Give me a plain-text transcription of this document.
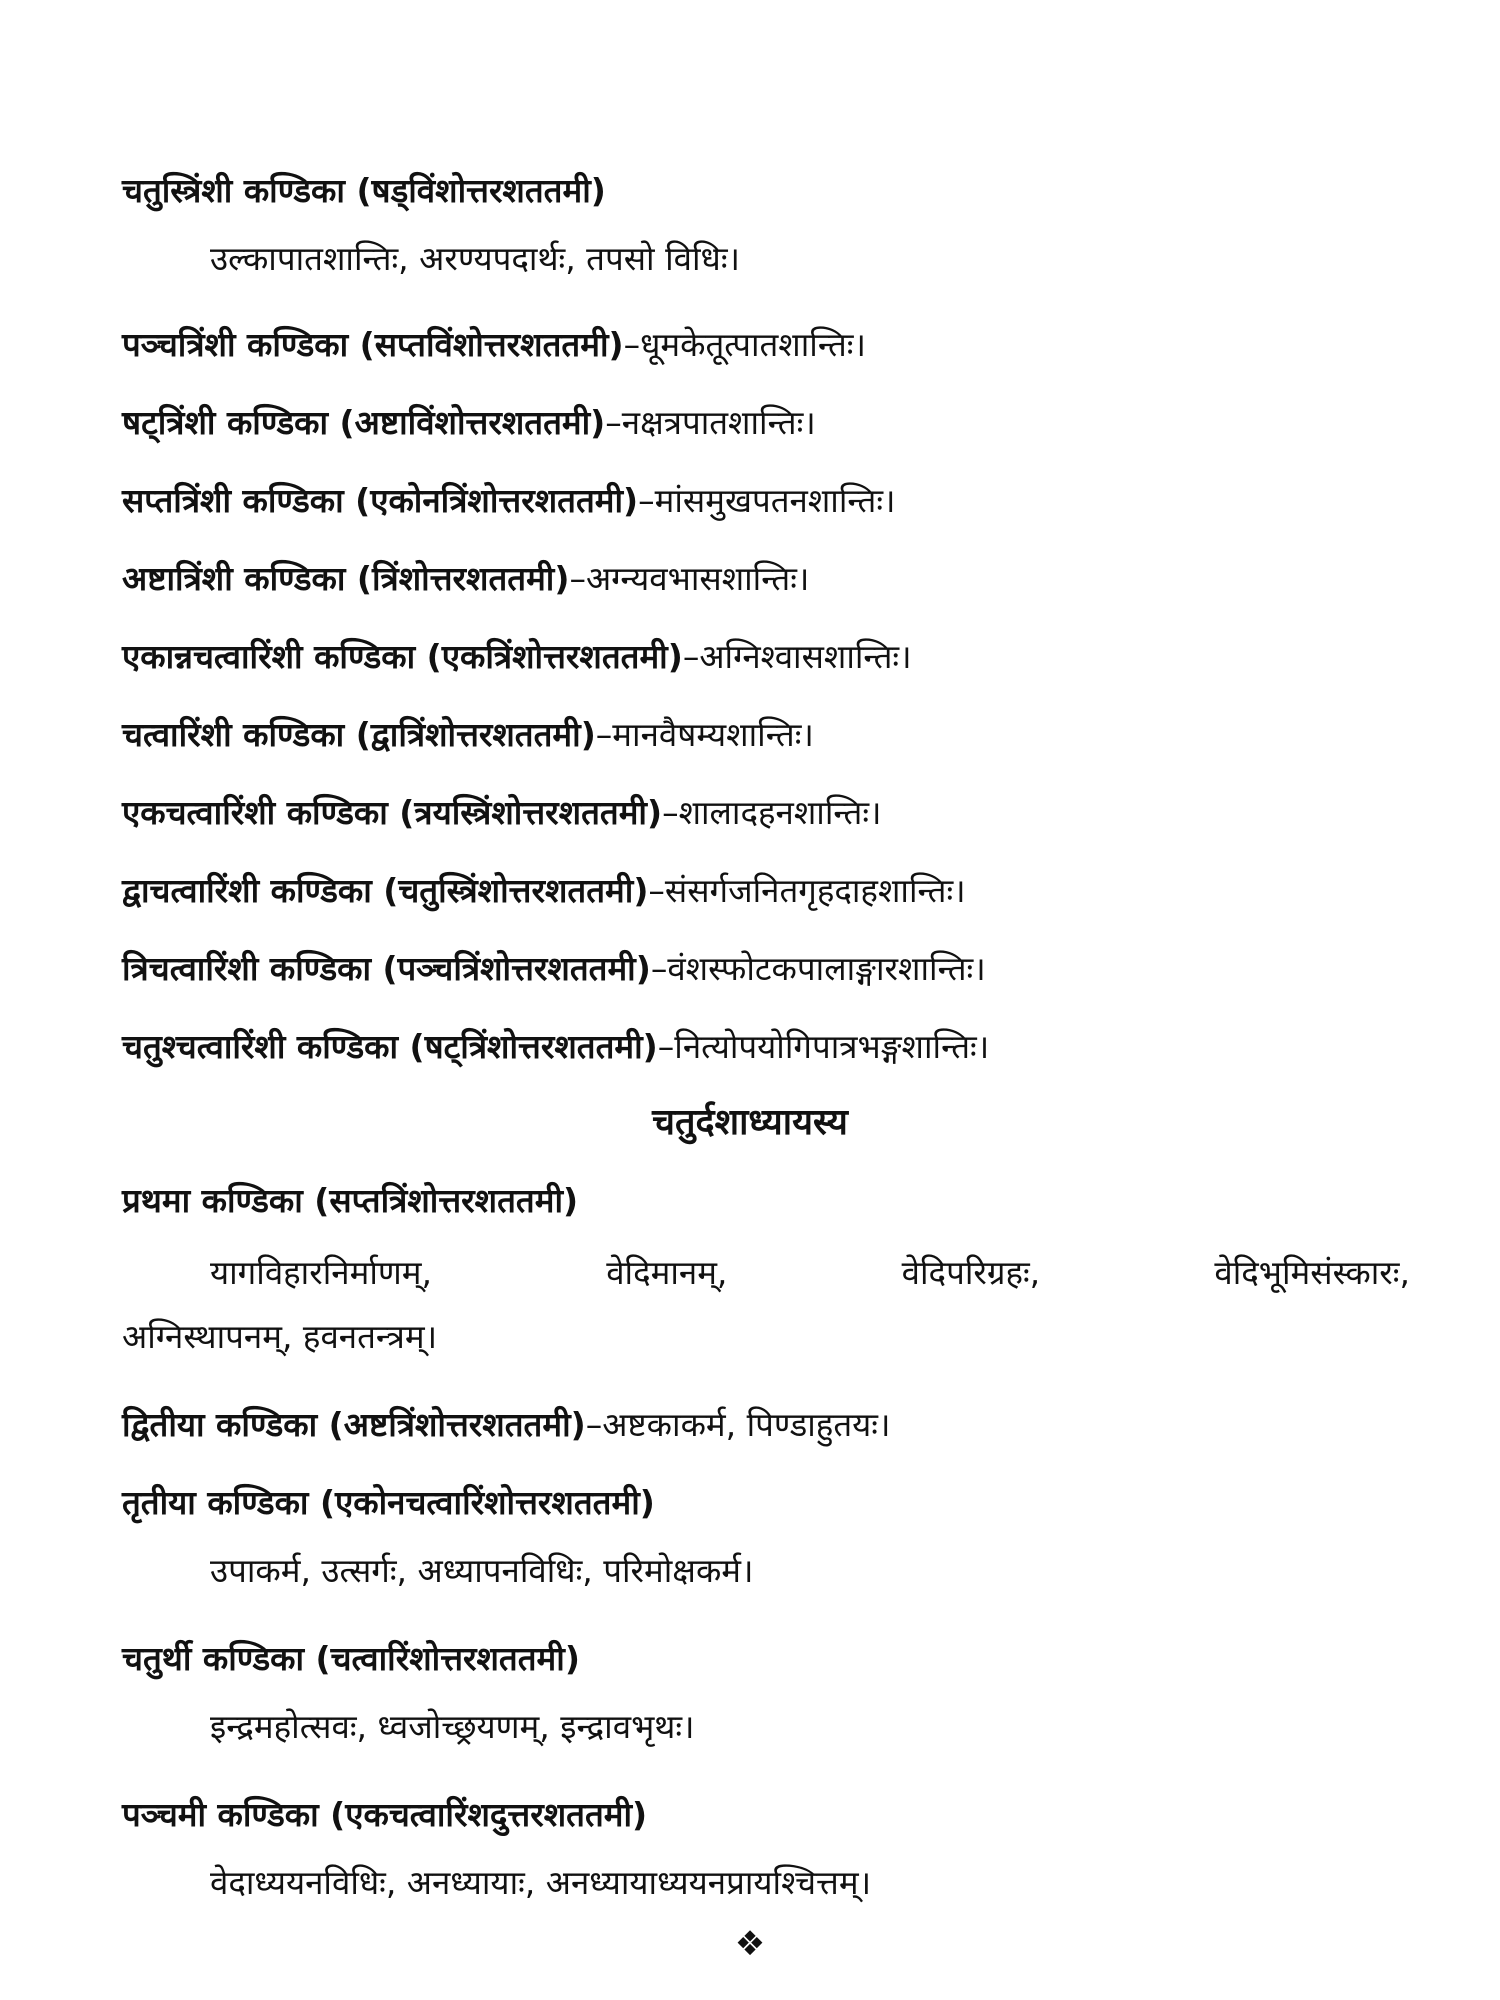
चतुस्त्रिंशी कण्डिका (षड्विंशोत्तरशततमी)
उल्कापातशान्तिः, अरण्यपदार्थः, तपसो विधिः।
पञ्चत्रिंशी कण्डिका (सप्तविंशोत्तरशततमी)–धूमकेतूत्पातशान्तिः।
षट्त्रिंशी कण्डिका (अष्टाविंशोत्तरशततमी)–नक्षत्रपातशान्तिः।
सप्तत्रिंशी कण्डिका (एकोनत्रिंशोत्तरशततमी)–मांसमुखपतनशान्तिः।
अष्टात्रिंशी कण्डिका (त्रिंशोत्तरशततमी)–अग्न्यवभासशान्तिः।
एकान्नचत्वारिंशी कण्डिका (एकत्रिंशोत्तरशततमी)–अग्निश्वासशान्तिः।
चत्वारिंशी कण्डिका (द्वात्रिंशोत्तरशततमी)–मानवैषम्यशान्तिः।
एकचत्वारिंशी कण्डिका (त्रयस्त्रिंशोत्तरशततमी)–शालादहनशान्तिः।
द्वाचत्वारिंशी कण्डिका (चतुस्त्रिंशोत्तरशततमी)–संसर्गजनितगृहदाहशान्तिः।
त्रिचत्वारिंशी कण्डिका (पञ्चत्रिंशोत्तरशततमी)–वंशस्फोटकपालाङ्गारशान्तिः।
चतुश्चत्वारिंशी कण्डिका (षट्त्रिंशोत्तरशततमी)–नित्योपयोगिपात्रभङ्गशान्तिः।
चतुर्दशाध्यायस्य
प्रथमा कण्डिका (सप्तत्रिंशोत्तरशततमी)
यागविहारनिर्माणम्,	वेदिमानम्,	वेदिपरिग्रहः,	वेदिभूमिसंस्कारः,
अग्निस्थापनम्, हवनतन्त्रम्।
द्वितीया कण्डिका (अष्टत्रिंशोत्तरशततमी)–अष्टकाकर्म, पिण्डाहुतयः।
तृतीया कण्डिका (एकोनचत्वारिंशोत्तरशततमी)
उपाकर्म, उत्सर्गः, अध्यापनविधिः, परिमोक्षकर्म।
चतुर्थी कण्डिका (चत्वारिंशोत्तरशततमी)
इन्द्रमहोत्सवः, ध्वजोच्छ्रयणम्, इन्द्रावभृथः।
पञ्चमी कण्डिका (एकचत्वारिंशदुत्तरशततमी)
वेदाध्ययनविधिः, अनध्यायाः, अनध्यायाध्ययनप्रायश्चित्तम्।
❖
